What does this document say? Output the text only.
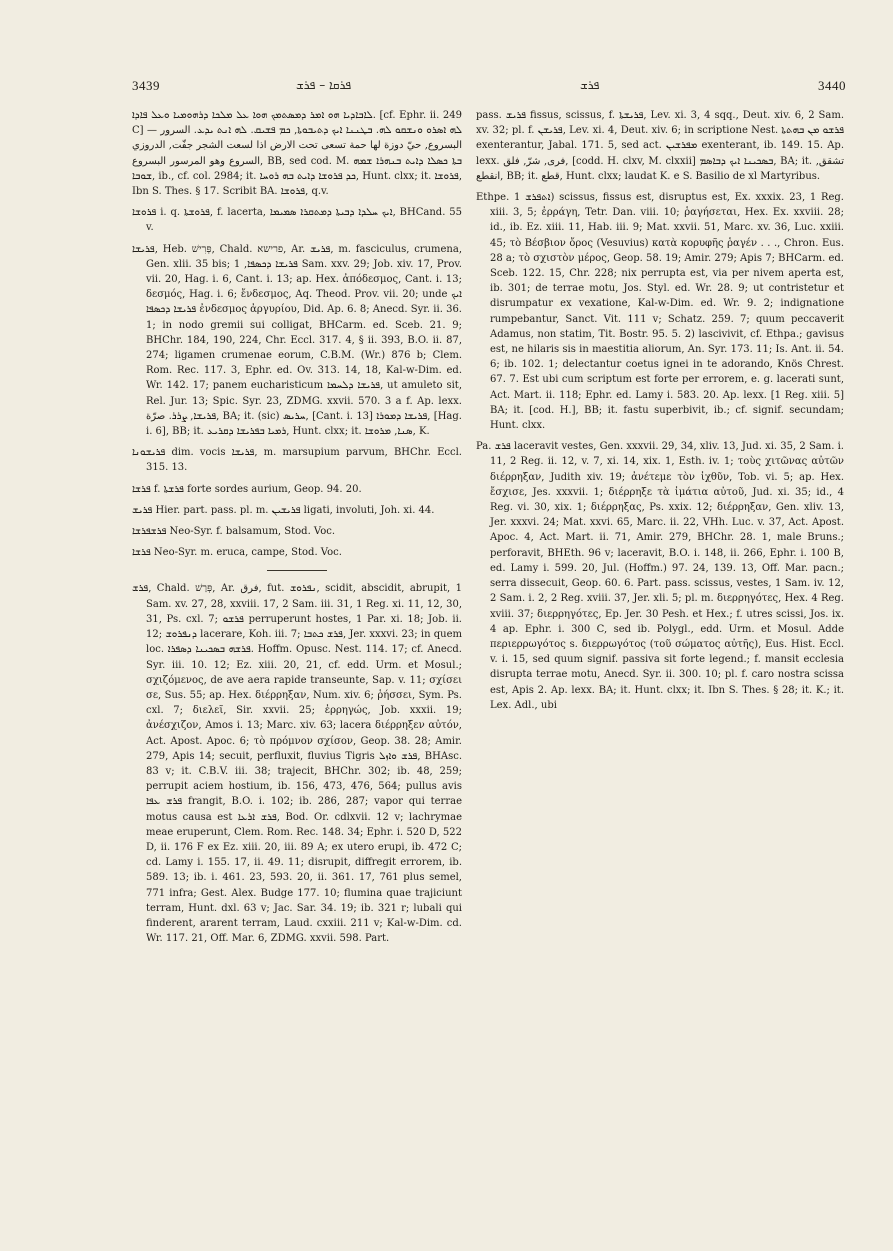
3439	ܦܪܩܐ – ܦܪܫ	ܦܪܫ	3440

ܠܐܒܐܕܝܐ ܗܘ ܐܡܪ ܕܡܣܬܡܟ ܗܘܐ ܥܠ ܡܠܟܐ ܕܪܗܘܡܝܐ ܘܥܠ ܦܐܕܐ. [cf. Ephr. ii. 249 C] ܠܗ ܐܣܪܘ ܘܢܫܩܘ ܠܗ. ܒܛܢܢܐ ܐܝܟ ܕܬܝܒܘܬܐ, ܟܡ ܦܫܝܩ. ܠܗ ܐܢܬ ܝܕܥ. السرور — البسروع, حيّ دوزة لها حمة تسعى تحت الارض اذا لسعت الشجر جفّت, الدروزي السروع وهو المرسور البسروع, BB, sed cod. M. ܒܬܐ ܟܣܠܐ ܕܐܝܬ ܒܢܗܪܐ ܫܡܗ ܫܘܒܐ, ib., cf. col. 2984; it. ܟܕ ܦܪܘܫܐ ܕܐܝܬ ܒܗ ܪܘܚܐ, Hunt. clxx; it. ܦܪܘܫܐ, Ibn S. Thes. § 17. Scribit BA. ܦܪܘܫܐ, q.v.

ܦܪܘܫܐ i. q. ܦܪܘܫܬܐ, f. lacerta, ܐܝܟ ܚܠܕܐ ܕܒܝܬܐ ܕܡܬܩܪܐ ܣܡܝܡܐ, BHCand. 55 v.

ܦܪܝܫܐ, Heb. פְּרִישׁ, Chald. פרישא, Ar. ܦܪܝܫ, m. fasciculus, crumena, Gen. xlii. 35 bis; ܦܪܝܫܐ ܕܟܣܦܐ, 1 Sam. xxv. 29; Job. xiv. 17, Prov. vii. 20, Hag. i. 6, Cant. i. 13; ap. Hex. ἀπόδεσμος, Cant. i. 13; δεσμός, Hag. i. 6; ἔνδεσμος, Aq. Theod. Prov. vii. 20; unde ܐܝܟ ܦܪܝܫܐ ܕܟܣܦܐ ἐνδεσμος ἀργυρίου, Did. Ap. 6. 8; Anecd. Syr. ii. 36. 1; in nodo gremii sui colligat, BHCarm. ed. Sceb. 21. 9; BHChr. 184, 190, 224, Chr. Eccl. 317. 4, § ii. 393, B.O. ii. 87, 274; ligamen crumenae eorum, C.B.M. (Wr.) 876 b; Clem. Rom. Rec. 117. 3, Ephr. ed. Ov. 313. 14, 18, Kal-w-Dim. ed. Wr. 142. 17; panem eucharisticum ܦܪܝܫܐ ܕܠܚܡܐ, ut amuleto sit, Rel. Jur. 13; Spic. Syr. 23, ZDMG. xxvii. 570. 3 a f. Ap. lexx. ܦܪܝܫܐ, ܨܪܪ. صرّة, BA; it. (sic) ܚܪܝܣ, [Cant. i. 13] ܦܪܝܫܐ ܕܡܘܪܐ, [Hag. i. 6], BB; it. ܪܡܝܐ ܒܦܪܝܫܐ ܕܩܪܝܥ, Hunt. clxx; it. ܣܢܐ, ܡܪܘܫܐ, K.

ܦܪܝܫܘܢܐ dim. vocis ܦܪܝܫܐ, m. marsupium parvum, BHChr. Eccl. 315. 13.

ܦܪܫܐ f. ܦܪܫܬܐ forte sordes aurium, Geop. 94. 20.

ܦܪܝܫ Hier. part. pass. pl. m. ܦܪܝܫܝܢ ligati, involuti, Joh. xi. 44.

ܦܪܫܦܪܫܐ Neo-Syr. f. balsamum, Stod. Voc.

ܦܪܫܐ Neo-Syr. m. eruca, campe, Stod. Voc.

ܦܪܫ, Chald. פְּרַשׁ, Ar. فرق, fut. ܢܦܪܘܫ, scidit, abscidit, abrupit, 1 Sam. xv. 27, 28, xxviii. 17, 2 Sam. iii. 31, 1 Reg. xi. 11, 12, 30, 31, Ps. cxl. 7; ܦܪܫܘ perruperunt hostes, 1 Par. xi. 18; Job. ii. 12; ܕܢܦܪܘܫ lacerare, Koh. iii. 7; ܦܪܫ ܟܬܒܐ, Jer. xxxvi. 23; in quem loc. ܦܪܫܗ ܒܣܟܝܢܐ ܕܣܦܪܐ. Hoffm. Opusc. Nest. 114. 17; cf. Anecd. Syr. iii. 10. 12; Ez. xiii. 20, 21, cf. edd. Urm. et Mosul.; σχιζόμενος, de ave aera rapide transeunte, Sap. v. 11; σχίσει σε, Sus. 55; ap. Hex. διέρρηξαν, Num. xiv. 6; ῥήσσει, Sym. Ps. cxl. 7; διελεῖ, Sir. xxvii. 25; ἐρρηγώς, Job. xxxii. 19; ἀνέσχιζον, Amos i. 13; Marc. xiv. 63; lacera διέρρηξεν αὐτόν, Act. Apost. Apoc. 6; τὸ πρόμνον σχίσον, Geop. 38. 28; Amir. 279, Apis 14; secuit, perfluxit, fluvius Tigris ܦܪܫ ܘܐܙܠ, BHAsc. 83 v; it. C.B.V. iii. 38; trajecit, BHChr. 302; ib. 48, 259; perrupit aciem hostium, ib. 156, 473, 476, 564; pullus avis ܦܪܫ ܥܦܐ frangit, B.O. i. 102; ib. 286, 287; vapor qui terrae motus causa est ܦܪܫ ܐܪܥܐ, Bod. Or. cdlxvii. 12 v; lachrymae meae eruperunt, Clem. Rom. Rec. 148. 34; Ephr. i. 520 D, 522 D, ii. 176 F ex Ez. xiii. 20, iii. 89 A; ex utero erupi, ib. 472 C; cd. Lamy i. 155. 17, ii. 49. 11; disrupit, diffregit errorem, ib. 589. 13; ib. i. 461. 23, 593. 20, ii. 361. 17, 761 plus semel, 771 infra; Gest. Alex. Budge 177. 10; flumina quae trajiciunt terram, Hunt. dxl. 63 v; Jac. Sar. 34. 19; ib. 321 r; lubali qui finderent, ararent terram, Laud. cxxiii. 211 v; Kal-w-Dim. cd. Wr. 117. 21, Off. Mar. 6, ZDMG. xxvii. 598. Part.

pass. ܦܪܝܫ fissus, scissus, f. ܦܪܝܫܬܐ, Lev. xi. 3, 4 sqq., Deut. xiv. 6, 2 Sam. xv. 32; pl. f. ܦܪܝܫܢ, Lev. xi. 4, Deut. xiv. 6; in scriptione Nest. ܦܪܫܘ ܡܢ ܒܗܬܬܐ exenterantur, Jabal. 171. 5, sed act. ܡܦܪܫܝܢ exenterant, ib. 149. 15. Ap. lexx. فرى, شرّ, فلق, [codd. H. clxv, M. clxxii] ܒܣܟܝܢܐ ܐܝܟ ܕܒܐܣܡ, BA; it. تشقق, انقطع, BB; it. قطع, Hunt. clxx; laudat K. e S. Basilio de xl Martyribus.

Ethpe. ܐܬܦܪܫ 1) scissus, fissus est, disruptus est, Ex. xxxix. 23, 1 Reg. xiii. 3, 5; ἐρράγη, Tetr. Dan. viii. 10; ῥαγήσεται, Hex. Ex. xxviii. 28; id., ib. Ez. xiii. 11, Hab. iii. 9; Mat. xxvii. 51, Marc. xv. 36, Luc. xxiii. 45; τὸ Βέσβιον ὄρος (Vesuvius) κατὰ κορυφῆς ῥαγέν . . ., Chron. Eus. 28 a; τὸ σχιστὸν μέρος, Geop. 58. 19; Amir. 279; Apis 7; BHCarm. ed. Sceb. 122. 15, Chr. 228; nix perrupta est, via per nivem aperta est, ib. 301; de terrae motu, Jos. Styl. ed. Wr. 28. 9; ut contristetur et disrumpatur ex vexatione, Kal-w-Dim. ed. Wr. 9. 2; indignatione rumpebantur, Sanct. Vit. 111 v; Schatz. 259. 7; quum peccaverit Adamus, non statim, Tit. Bostr. 95. 5. 2) lascivivit, cf. Ethpa.; gavisus est, ne hilaris sis in maestitia aliorum, An. Syr. 173. 11; Is. Ant. ii. 54. 6; ib. 102. 1; delectantur coetus ignei in te adorando, Knös Chrest. 67. 7. Est ubi cum scriptum est forte per errorem, e. g. lacerati sunt, Act. Mart. ii. 118; Ephr. ed. Lamy i. 583. 20. Ap. lexx. [1 Reg. xiii. 5] BA; it. [cod. H.], BB; it. fastu superbivit, ib.; cf. signif. secundam; Hunt. clxx.

Pa. ܦܪܫ laceravit vestes, Gen. xxxvii. 29, 34, xliv. 13, Jud. xi. 35, 2 Sam. i. 11, 2 Reg. ii. 12, v. 7, xi. 14, xix. 1, Esth. iv. 1; τοὺς χιτῶνας αὐτῶν διέρρηξαν, Judith xiv. 19; ἀνέτεμε τὸν ἰχθῦν, Tob. vi. 5; ap. Hex. ἔσχισε, Jes. xxxvii. 1; διέρρηξε τὰ ἱμάτια αὐτοῦ, Jud. xi. 35; id., 4 Reg. vi. 30, xix. 1; διέρρηξας, Ps. xxix. 12; διέρρηξαν, Gen. xliv. 13, Jer. xxxvi. 24; Mat. xxvi. 65, Marc. ii. 22, VHh. Luc. v. 37, Act. Apost. Apoc. 4, Act. Mart. ii. 71, Amir. 279, BHChr. 28. 1, male Bruns.; perforavit, BHEth. 96 v; laceravit, B.O. i. 148, ii. 266, Ephr. i. 100 B, ed. Lamy i. 599. 20, Jul. (Hoffm.) 97. 24, 139. 13, Off. Mar. pacn.; serra dissecuit, Geop. 60. 6. Part. pass. scissus, vestes, 1 Sam. iv. 12, 2 Sam. i. 2, 2 Reg. xviii. 37, Jer. xli. 5; pl. m. διερρηγότες, Hex. 4 Reg. xviii. 37; διερρηγότες, Ep. Jer. 30 Pesh. et Hex.; f. utres scissi, Jos. ix. 4 ap. Ephr. i. 300 C, sed ib. Polygl., edd. Urm. et Mosul. Adde περιερρωγότος s. διερρωγότος (τοῦ σώματος αὐτῆς), Eus. Hist. Eccl. v. i. 15, sed quum signif. passiva sit forte legend.; f. mansit ecclesia disrupta terrae motu, Anecd. Syr. ii. 300. 10; pl. f. caro nostra scissa est, Apis 2. Ap. lexx. BA; it. Hunt. clxx; it. Ibn S. Thes. § 28; it. K.; it. Lex. Adl., ubi
